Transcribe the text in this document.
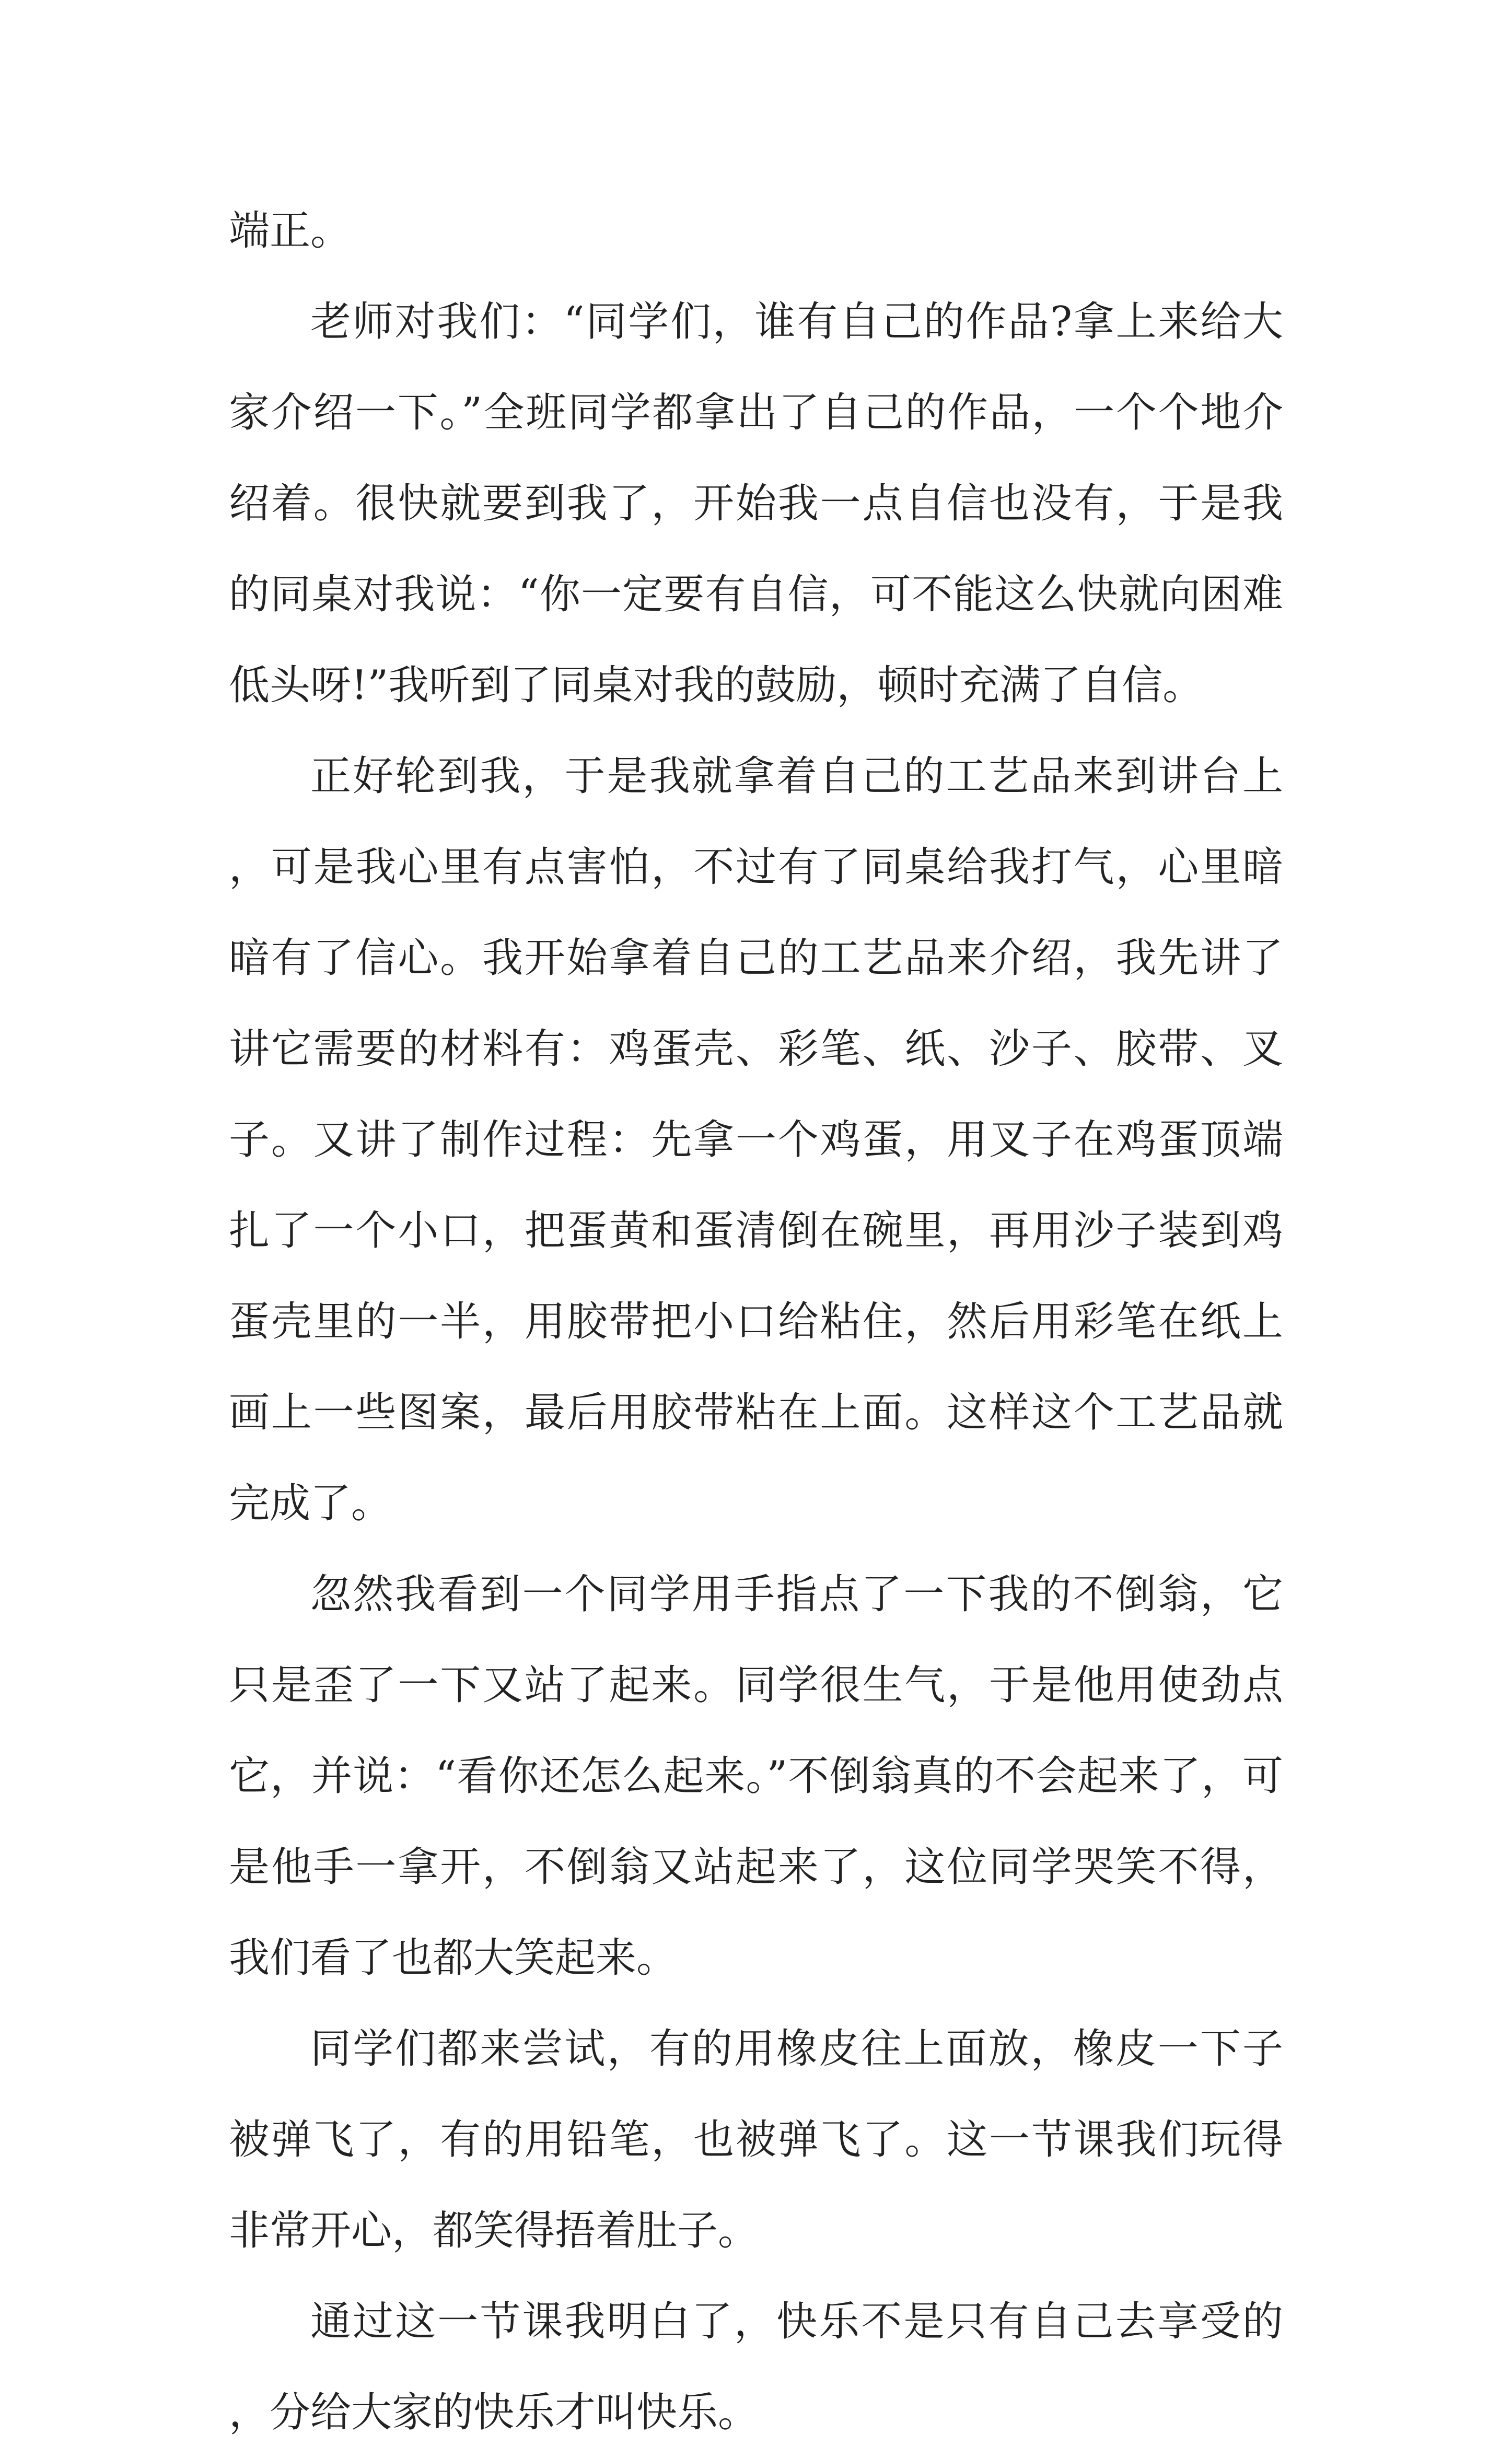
端正。

老师对我们：“同学们，谁有自己的作品?拿上来给大家介绍一下。”全班同学都拿出了自己的作品，一个个地介绍着。很快就要到我了，开始我一点自信也没有，于是我的同桌对我说：“你一定要有自信，可不能这么快就向困难低头呀!”我听到了同桌对我的鼓励，顿时充满了自信。

正好轮到我，于是我就拿着自己的工艺品来到讲台上，可是我心里有点害怕，不过有了同桌给我打气，心里暗暗有了信心。我开始拿着自己的工艺品来介绍，我先讲了讲它需要的材料有：鸡蛋壳、彩笔、纸、沙子、胶带、叉子。又讲了制作过程：先拿一个鸡蛋，用叉子在鸡蛋顶端扎了一个小口，把蛋黄和蛋清倒在碗里，再用沙子装到鸡蛋壳里的一半，用胶带把小口给粘住，然后用彩笔在纸上画上一些图案，最后用胶带粘在上面。这样这个工艺品就完成了。

忽然我看到一个同学用手指点了一下我的不倒翁，它只是歪了一下又站了起来。同学很生气，于是他用使劲点它，并说：“看你还怎么起来。”不倒翁真的不会起来了，可是他手一拿开，不倒翁又站起来了，这位同学哭笑不得，我们看了也都大笑起来。

同学们都来尝试，有的用橡皮往上面放，橡皮一下子被弹飞了，有的用铅笔，也被弹飞了。这一节课我们玩得非常开心，都笑得捂着肚子。

通过这一节课我明白了，快乐不是只有自己去享受的，分给大家的快乐才叫快乐。
